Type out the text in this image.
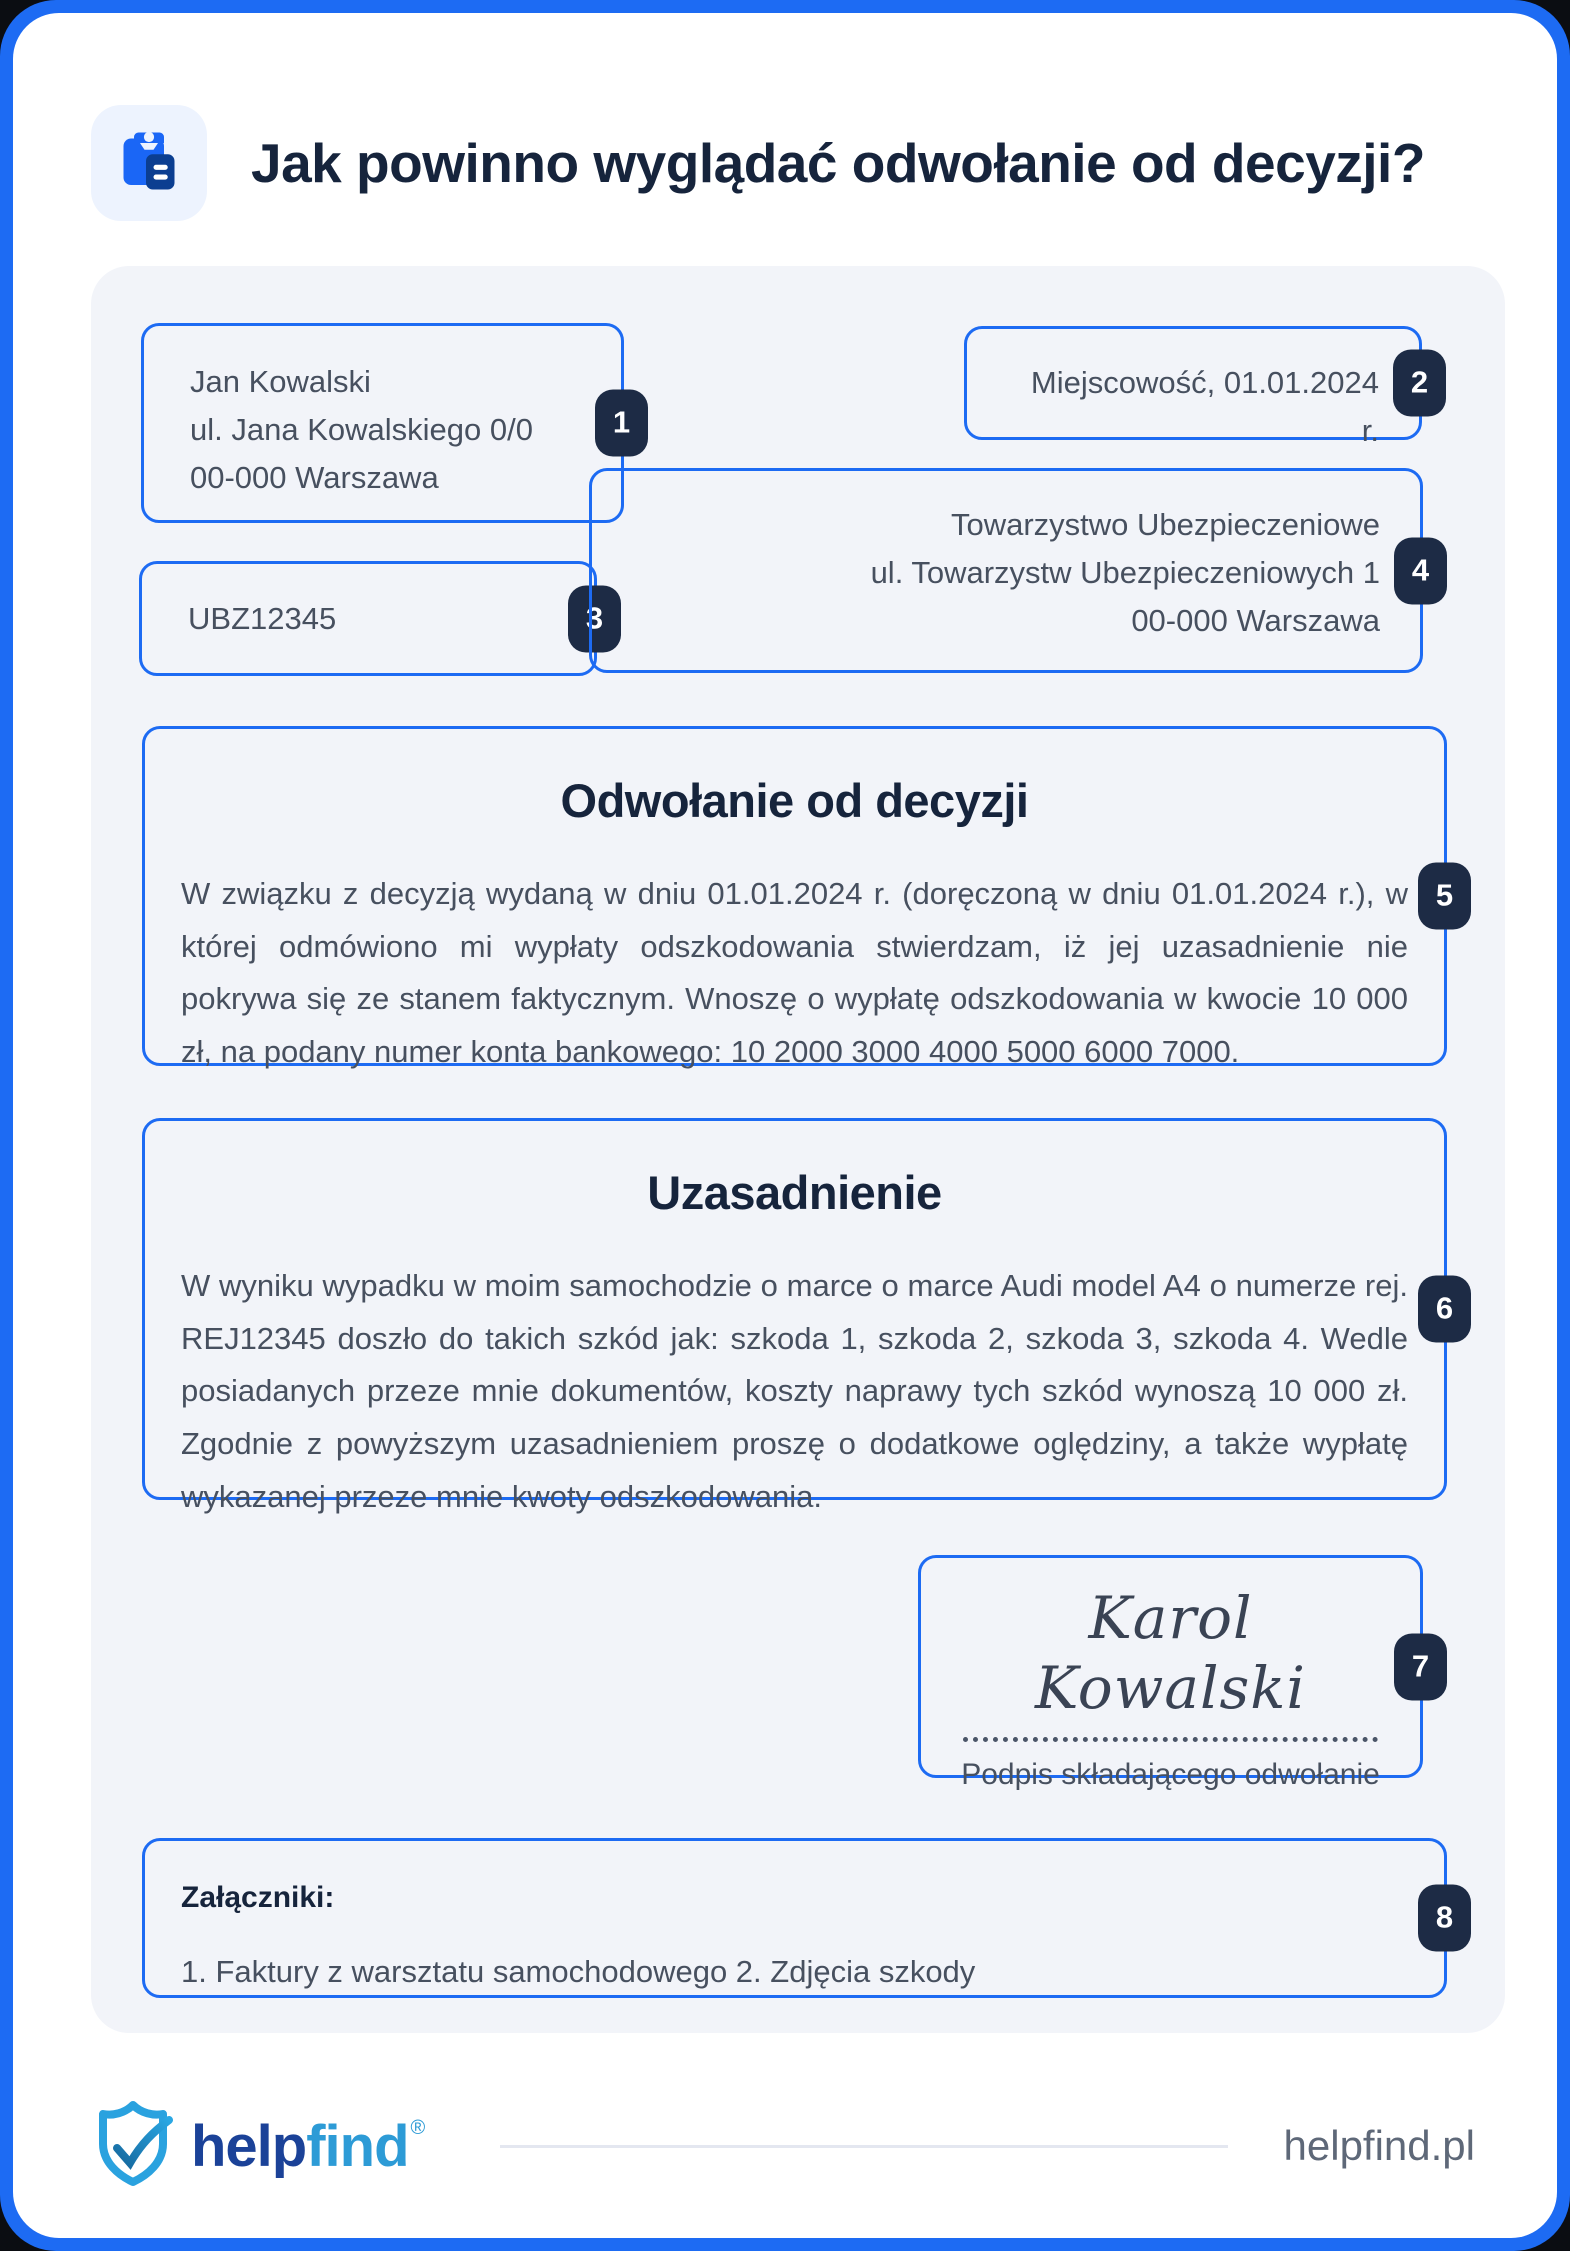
Jak powinno wyglądać odwołanie od decyzji?
Jan Kowalski
ul. Jana Kowalskiego 0/0
00-000 Warszawa
1
Miejscowość, 01.01.2024 r.
2
UBZ12345	3
Towarzystwo Ubezpieczeniowe
ul. Towarzystw Ubezpieczeniowych 1
00-000 Warszawa
4
Odwołanie od decyzji
W związku z decyzją wydaną w dniu 01.01.2024 r. (doręczoną w dniu 01.01.2024 r.), w której odmówiono mi wypłaty odszkodowania stwierdzam, iż jej uzasadnienie nie pokrywa się ze stanem faktycznym. Wnoszę o wypłatę odszkodowania w kwocie 10 000 zł, na podany numer konta bankowego: 10 2000 3000 4000 5000 6000 7000.
5
Uzasadnienie
W wyniku wypadku w moim samochodzie o marce o marce Audi model A4 o numerze rej. REJ12345 doszło do takich szkód jak: szkoda 1, szkoda 2, szkoda 3, szkoda 4. Wedle posiadanych przeze mnie dokumentów, koszty naprawy tych szkód wynoszą 10 000 zł. Zgodnie z powyższym uzasadnieniem proszę o dodatkowe oględziny, a także wypłatę wykazanej przeze mnie kwoty odszkodowania.
6
Karol Kowalski
Podpis składającego odwołanie
7
Załączniki:
1. Faktury z warsztatu samochodowego 2. Zdjęcia szkody
8
help find ®	helpfind.pl
